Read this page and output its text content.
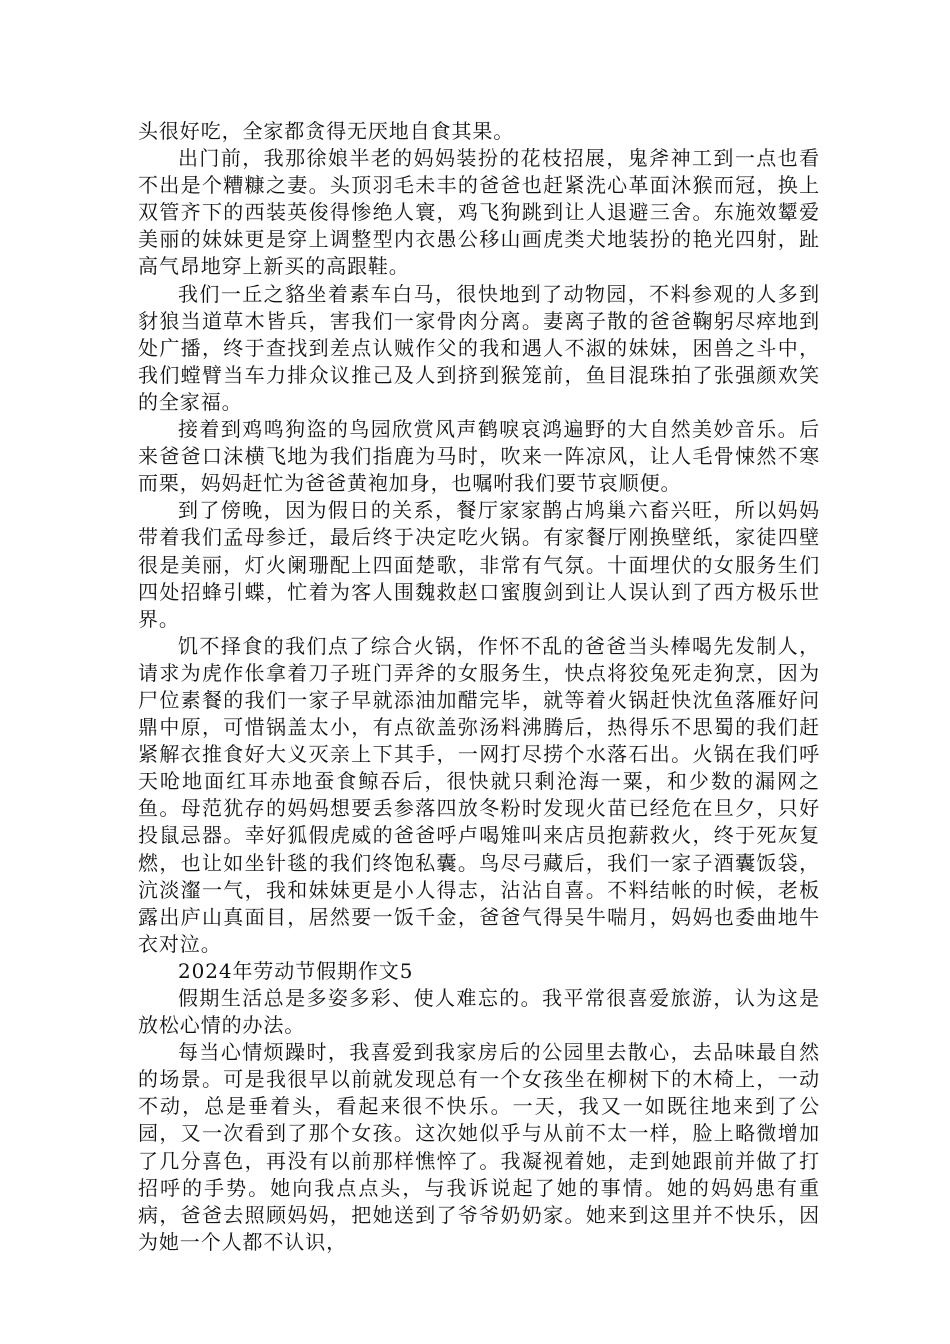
头很好吃，全家都贪得无厌地自食其果。

出门前，我那徐娘半老的妈妈装扮的花枝招展，鬼斧神工到一点也看不出是个糟糠之妻。头顶羽毛未丰的爸爸也赶紧洗心革面沐猴而冠，换上双管齐下的西装英俊得惨绝人寰，鸡飞狗跳到让人退避三舍。东施效颦爱美丽的妹妹更是穿上调整型内衣愚公移山画虎类犬地装扮的艳光四射，趾高气昂地穿上新买的高跟鞋。

我们一丘之貉坐着素车白马，很快地到了动物园，不料参观的人多到豺狼当道草木皆兵，害我们一家骨肉分离。妻离子散的爸爸鞠躬尽瘁地到处广播，终于查找到差点认贼作父的我和遇人不淑的妹妹，困兽之斗中，我们螳臂当车力排众议推己及人到挤到猴笼前，鱼目混珠拍了张强颜欢笑的全家福。

接着到鸡鸣狗盗的鸟园欣赏风声鹤唳哀鸿遍野的大自然美妙音乐。后来爸爸口沫横飞地为我们指鹿为马时，吹来一阵凉风，让人毛骨悚然不寒而栗，妈妈赶忙为爸爸黄袍加身，也嘱咐我们要节哀顺便。

到了傍晚，因为假日的关系，餐厅家家鹊占鸠巢六畜兴旺，所以妈妈带着我们孟母参迁，最后终于决定吃火锅。有家餐厅刚换壁纸，家徒四壁很是美丽，灯火阑珊配上四面楚歌，非常有气氛。十面埋伏的女服务生们四处招蜂引蝶，忙着为客人围魏救赵口蜜腹剑到让人误认到了西方极乐世界。

饥不择食的我们点了综合火锅，作怀不乱的爸爸当头棒喝先发制人，请求为虎作伥拿着刀子班门弄斧的女服务生，快点将狡兔死走狗烹，因为尸位素餐的我们一家子早就添油加醋完毕，就等着火锅赶快沈鱼落雁好问鼎中原，可惜锅盖太小，有点欲盖弥汤料沸腾后，热得乐不思蜀的我们赶紧解衣推食好大义灭亲上下其手，一网打尽捞个水落石出。火锅在我们呼天呛地面红耳赤地蚕食鲸吞后，很快就只剩沧海一粟，和少数的漏网之鱼。母范犹存的妈妈想要丢参落四放冬粉时发现火苗已经危在旦夕，只好投鼠忌器。幸好狐假虎威的爸爸呼卢喝雉叫来店员抱薪救火，终于死灰复燃，也让如坐针毯的我们终饱私囊。鸟尽弓藏后，我们一家子酒囊饭袋，沆淡瀣一气，我和妹妹更是小人得志，沾沾自喜。不料结帐的时候，老板露出庐山真面目，居然要一饭千金，爸爸气得吴牛喘月，妈妈也委曲地牛衣对泣。

2024年劳动节假期作文5

假期生活总是多姿多彩、使人难忘的。我平常很喜爱旅游，认为这是放松心情的办法。

每当心情烦躁时，我喜爱到我家房后的公园里去散心，去品味最自然的场景。可是我很早以前就发现总有一个女孩坐在柳树下的木椅上，一动不动，总是垂着头，看起来很不快乐。一天，我又一如既往地来到了公园，又一次看到了那个女孩。这次她似乎与从前不太一样，脸上略微增加了几分喜色，再没有以前那样憔悴了。我凝视着她，走到她跟前并做了打招呼的手势。她向我点点头，与我诉说起了她的事情。她的妈妈患有重病，爸爸去照顾妈妈，把她送到了爷爷奶奶家。她来到这里并不快乐，因为她一个人都不认识，
